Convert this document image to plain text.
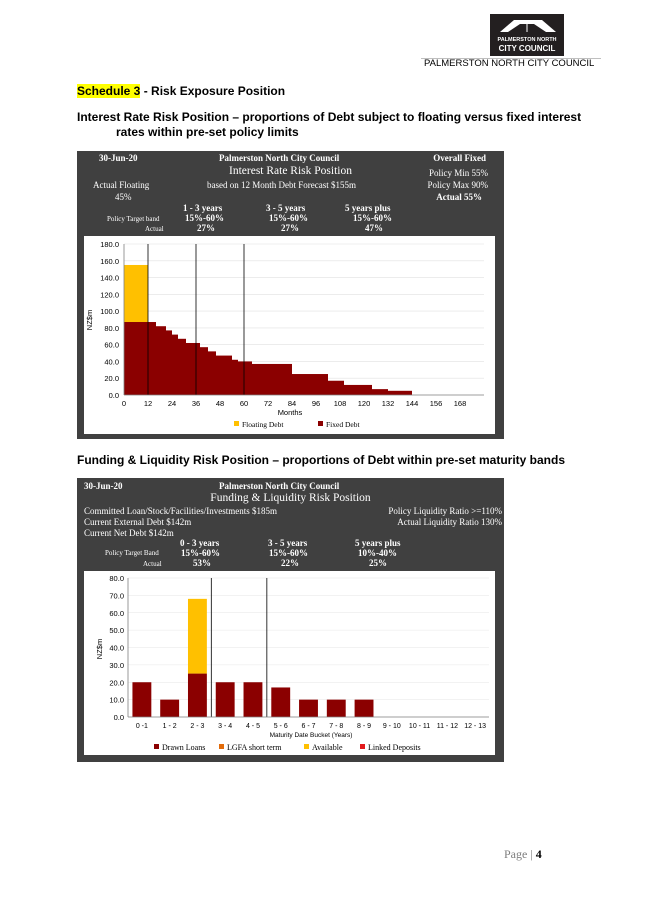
PALMERSTON NORTH
CITY COUNCIL
PALMERSTON NORTH CITY COUNCIL
Schedule 3 - Risk Exposure Position
Interest Rate Risk Position – proportions of Debt subject to floating versus fixed interest
rates within pre-set policy limits
30-Jun-20	Palmerston North City Council
Interest Rate Risk Position
based on 12 Month Debt Forecast $155m
Actual Floating
45%
Overall Fixed
Policy Min 55%
Policy Max 90%
Actual 55%
1 - 3 years	3 - 5 years	5 years plus
Policy Target band	15%-60%	15%-60%	15%-60%
Actual	27%	27%	47%
0.0
20.0
40.0
60.0
80.0
100.0
120.0
140.0
160.0
180.0
0 12 24 36 48 60 72 84 96 108 120 132 144 156 168
NZ$m
Months
Floating Debt	Fixed Debt
Funding & Liquidity Risk Position – proportions of Debt within pre-set maturity bands
30-Jun-20	Palmerston North City Council
Funding & Liquidity Risk Position
Committed Loan/Stock/Facilities/Investments $185m
Current External Debt $142m
Current Net Debt $142m
Policy Liquidity Ratio >=110%
Actual Liquidity Ratio 130%
0 - 3 years	3 - 5 years	5 years plus
Policy Target Band 15%-60%	15%-60%	10%-40%
Actual	53%	22%	25%
0.0
10.0
20.0
30.0
40.0
50.0
60.0
70.0
80.0
0 -1 1 - 2 2 - 3 3 - 4 4 - 5 5 - 6 6 - 7 7 - 8 8 - 9 9 - 10 10 - 11 11 - 12 12 - 13
NZ$m
Maturity Date Bucket (Years)
Drawn Loans	LGFA short term	Available	Linked Deposits
Page | 4
